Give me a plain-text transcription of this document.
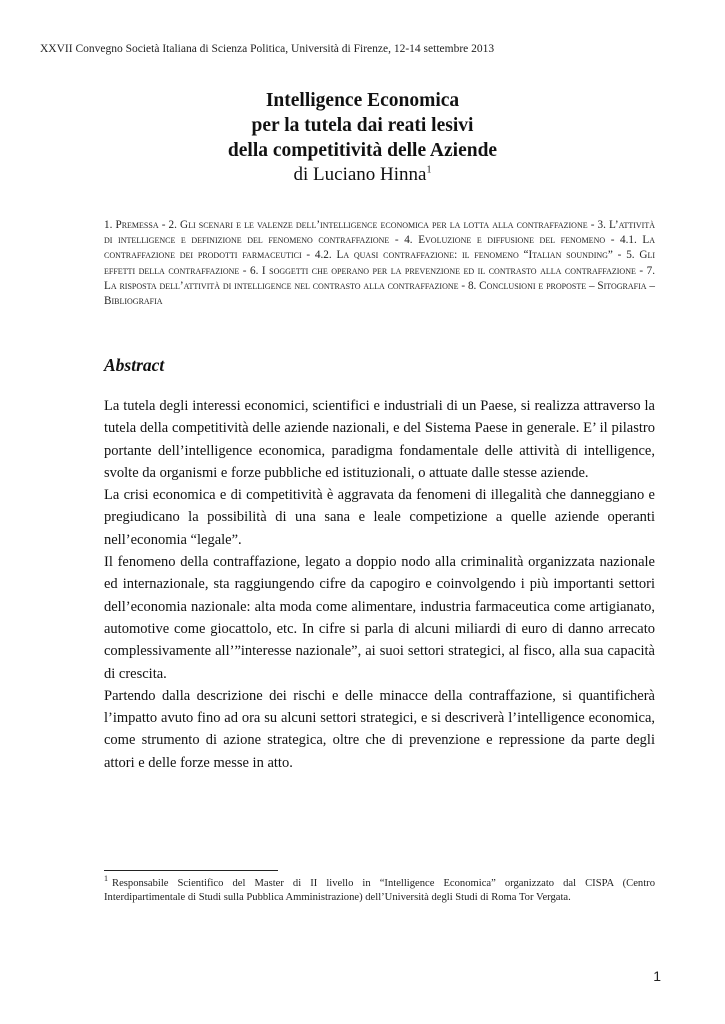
XXVII Convegno Società Italiana di Scienza Politica, Università di Firenze, 12-14 settembre 2013
Intelligence Economica
per la tutela dai reati lesivi
della competitività delle Aziende
di Luciano Hinna$^1$
1. Premessa - 2. Gli scenari e le valenze dell’intelligence economica per la lotta alla contraffazione - 3. L’attività di intelligence e definizione del fenomeno contraffazione - 4. Evoluzione e diffusione del fenomeno - 4.1. La contraffazione dei prodotti farmaceutici - 4.2. La quasi contraffazione: il fenomeno “Italian sounding” - 5. Gli effetti della contraffazione - 6. I soggetti che operano per la prevenzione ed il contrasto alla contraffazione - 7. La risposta dell’attività di intelligence nel contrasto alla contraffazione - 8. Conclusioni e proposte – Sitografia – Bibliografia
Abstract

La tutela degli interessi economici, scientifici e industriali di un Paese, si realizza attraverso la tutela della competitività delle aziende nazionali, e del Sistema Paese in generale. E’ il pilastro portante dell’intelligence economica, paradigma fondamentale delle attività di intelligence, svolte da organismi e forze pubbliche ed istituzionali, o attuate dalle stesse aziende.

La crisi economica e di competitività è aggravata da fenomeni di illegalità che danneggiano e pregiudicano la possibilità di una sana e leale competizione a quelle aziende operanti nell’economia “legale”.

Il fenomeno della contraffazione, legato a doppio nodo alla criminalità organizzata nazionale ed internazionale, sta raggiungendo cifre da capogiro e coinvolgendo i più importanti settori dell’economia nazionale: alta moda come alimentare, industria farmaceutica come artigianato, automotive come giocattolo, etc. In cifre si parla di alcuni miliardi di euro di danno arrecato complessivamente all’”interesse nazionale”, ai suoi settori strategici, al fisco, alla sua capacità di crescita.

Partendo dalla descrizione dei rischi e delle minacce della contraffazione, si quantificherà l’impatto avuto fino ad ora su alcuni settori strategici, e si descriverà l’intelligence economica, come strumento di azione strategica, oltre che di prevenzione e repressione da parte degli attori e delle forze messe in atto.

$^1$ Responsabile Scientifico del Master di II livello in “Intelligence Economica” organizzato dal CISPA (Centro Interdipartimentale di Studi sulla Pubblica Amministrazione) dell’Università degli Studi di Roma Tor Vergata.
1
